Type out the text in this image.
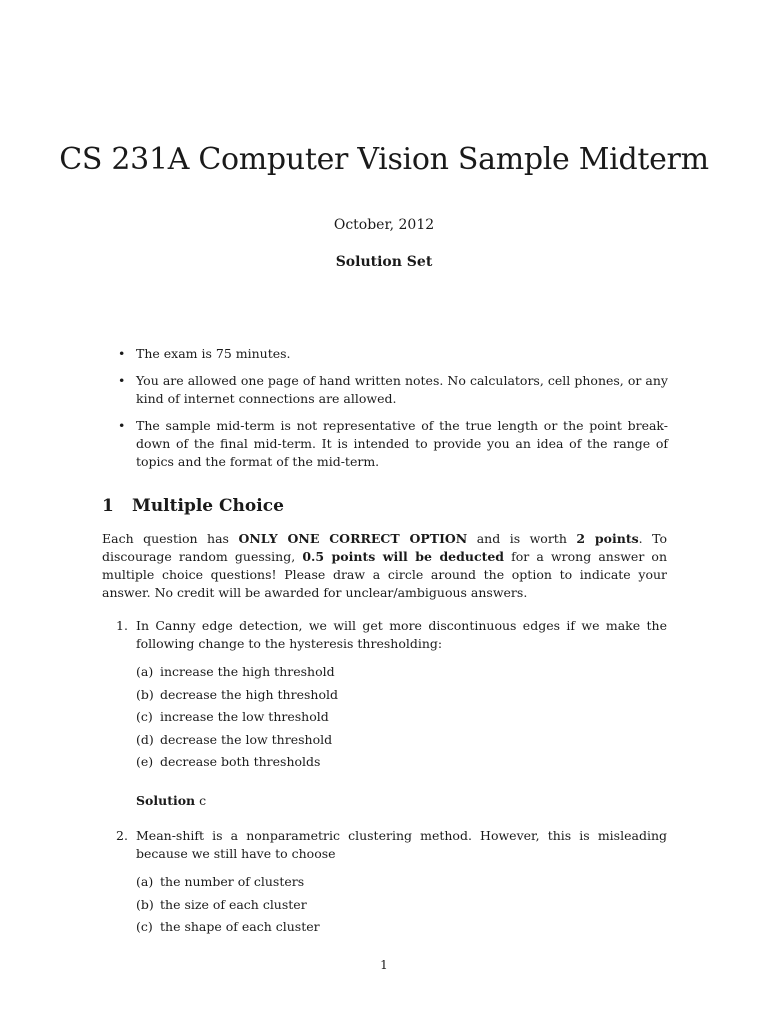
CS 231A Computer Vision Sample Midterm
October, 2012
Solution Set
• The exam is 75 minutes.
• You are allowed one page of hand written notes. No calculators, cell phones, or any kind of internet connections are allowed.
• The sample mid-term is not representative of the true length or the point break-down of the final mid-term. It is intended to provide you an idea of the range of topics and the format of the mid-term.
1 Multiple Choice

Each question has ONLY ONE CORRECT OPTION and is worth 2 points. To discourage random guessing, 0.5 points will be deducted for a wrong answer on multiple choice questions! Please draw a circle around the option to indicate your answer. No credit will be awarded for unclear/ambiguous answers.

1. In Canny edge detection, we will get more discontinuous edges if we make the following change to the hysteresis thresholding:
(a) increase the high threshold
(b) decrease the high threshold
(c) increase the low threshold
(d) decrease the low threshold
(e) decrease both thresholds
Solution c
2. Mean-shift is a nonparametric clustering method. However, this is misleading because we still have to choose
(a) the number of clusters
(b) the size of each cluster
(c) the shape of each cluster
1
